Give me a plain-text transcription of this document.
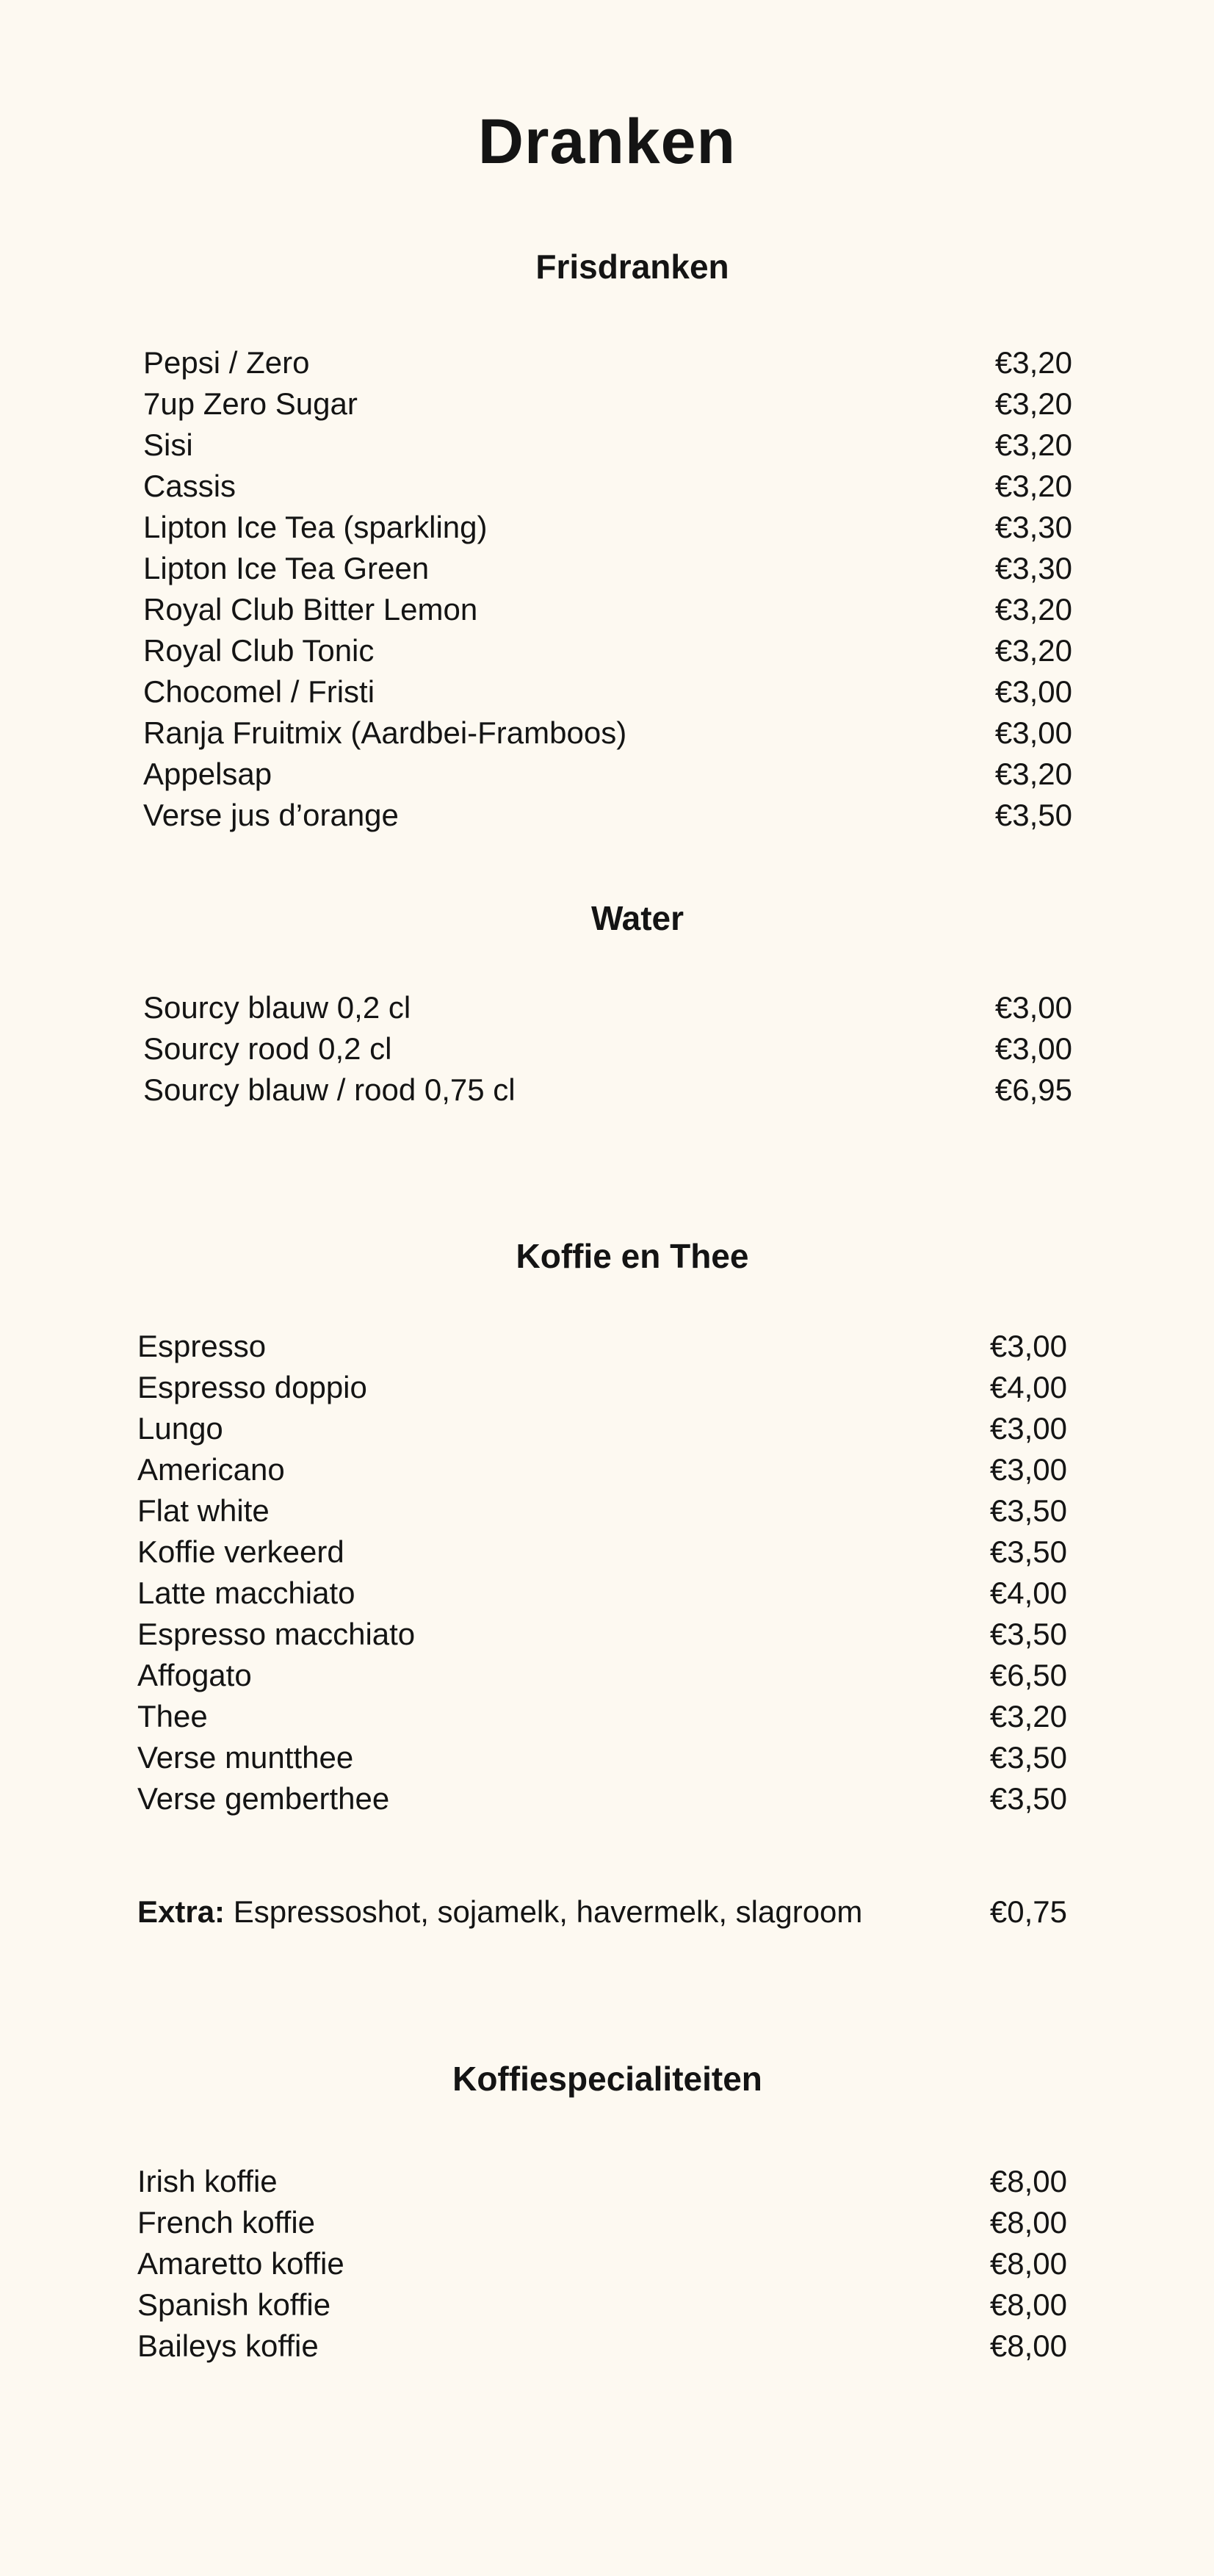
Dranken
Frisdranken
Pepsi / Zero	€3,20
7up Zero Sugar	€3,20
Sisi	€3,20
Cassis	€3,20
Lipton Ice Tea (sparkling)	€3,30
Lipton Ice Tea Green	€3,30
Royal Club Bitter Lemon	€3,20
Royal Club Tonic	€3,20
Chocomel / Fristi	€3,00
Ranja Fruitmix (Aardbei-Framboos)	€3,00
Appelsap	€3,20
Verse jus d’orange	€3,50
Water
Sourcy blauw 0,2 cl	€3,00
Sourcy rood 0,2 cl	€3,00
Sourcy blauw / rood 0,75 cl	€6,95
Koffie en Thee
Espresso	€3,00
Espresso doppio	€4,00
Lungo	€3,00
Americano	€3,00
Flat white	€3,50
Koffie verkeerd	€3,50
Latte macchiato	€4,00
Espresso macchiato	€3,50
Affogato	€6,50
Thee	€3,20
Verse muntthee	€3,50
Verse gemberthee	€3,50
Extra: Espressoshot, sojamelk, havermelk, slagroom	€0,75
Koffiespecialiteiten
Irish koffie	€8,00
French koffie	€8,00
Amaretto koffie	€8,00
Spanish koffie	€8,00
Baileys koffie	€8,00
